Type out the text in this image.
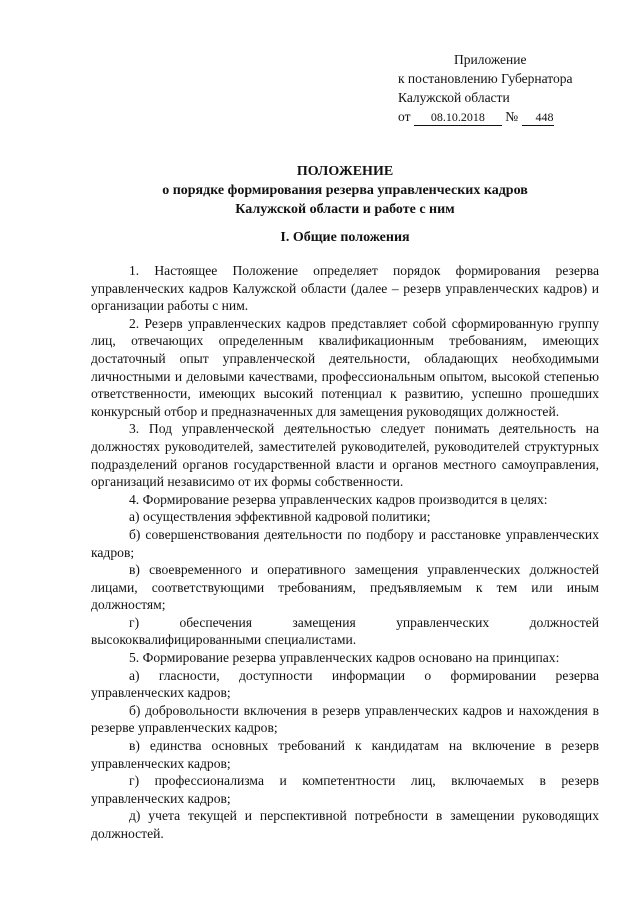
Приложение
к постановлению Губернатора
Калужской области
от 08.10.2018 № 448
ПОЛОЖЕНИЕ
о порядке формирования резерва управленческих кадров
Калужской области и работе с ним
I. Общие положения

1. Настоящее Положение определяет порядок формирования резерва управленческих кадров Калужской области (далее – резерв управленческих кадров) и организации работы с ним.

2. Резерв управленческих кадров представляет собой сформированную группу лиц, отвечающих определенным квалификационным требованиям, имеющих достаточный опыт управленческой деятельности, обладающих необходимыми личностными и деловыми качествами, профессиональным опытом, высокой степенью ответственности, имеющих высокий потенциал к развитию, успешно прошедших конкурсный отбор и предназначенных для замещения руководящих должностей.

3. Под управленческой деятельностью следует понимать деятельность на должностях руководителей, заместителей руководителей, руководителей структурных подразделений органов государственной власти и органов местного самоуправления, организаций независимо от их формы собственности.

4. Формирование резерва управленческих кадров производится в целях:

а) осуществления эффективной кадровой политики;

б) совершенствования деятельности по подбору и расстановке управленческих кадров;

в) своевременного и оперативного замещения управленческих должностей лицами, соответствующими требованиям, предъявляемым к тем или иным должностям;

г) обеспечения замещения управленческих должностей высококвалифицированными специалистами.

5. Формирование резерва управленческих кадров основано на принципах:

а) гласности, доступности информации о формировании резерва управленческих кадров;

б) добровольности включения в резерв управленческих кадров и нахождения в резерве управленческих кадров;

в) единства основных требований к кандидатам на включение в резерв управленческих кадров;

г) профессионализма и компетентности лиц, включаемых в резерв управленческих кадров;

д) учета текущей и перспективной потребности в замещении руководящих должностей.
